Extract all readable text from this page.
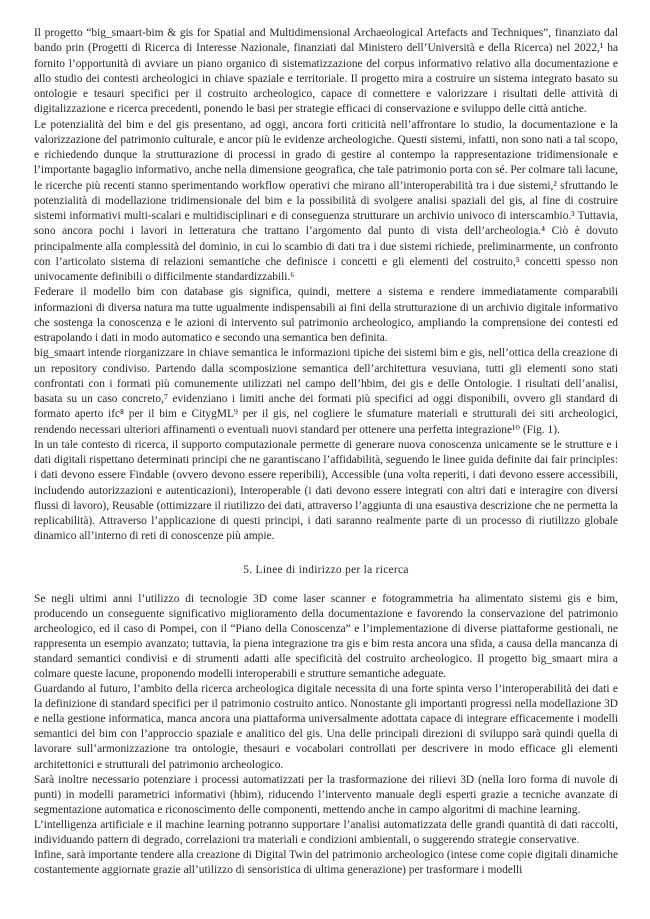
Il progetto “big_smaart-bim & gis for Spatial and Multidimensional Archaeological Artefacts and Techniques”, finanziato dal bando prin (Progetti di Ricerca di Interesse Nazionale, finanziati dal Ministero dell’Università e della Ricerca) nel 2022,¹ ha fornito l’opportunità di avviare un piano organico di sistematizzazione del corpus informativo relativo alla documentazione e allo studio dei contesti archeologici in chiave spaziale e territoriale. Il progetto mira a costruire un sistema integrato basato su ontologie e tesauri specifici per il costruito archeologico, capace di connettere e valorizzare i risultati delle attività di digitalizzazione e ricerca precedenti, ponendo le basi per strategie efficaci di conservazione e sviluppo delle città antiche.

Le potenzialità del bim e del gis presentano, ad oggi, ancora forti criticità nell’affrontare lo studio, la documentazione e la valorizzazione del patrimonio culturale, e ancor più le evidenze archeologiche. Questi sistemi, infatti, non sono nati a tal scopo, e richiedendo dunque la strutturazione di processi in grado di gestire al contempo la rappresentazione tridimensionale e l’importante bagaglio informativo, anche nella dimensione geografica, che tale patrimonio porta con sé. Per colmare tali lacune, le ricerche più recenti stanno sperimentando workflow operativi che mirano all’interoperabilità tra i due sistemi,² sfruttando le potenzialità di modellazione tridimensionale del bim e la possibilità di svolgere analisi spaziali del gis, al fine di costruire sistemi informativi multi-scalari e multidisciplinari e di conseguenza strutturare un archivio univoco di interscambio.³ Tuttavia, sono ancora pochi i lavori in letteratura che trattano l’argomento dal punto di vista dell’archeologia.⁴ Ciò è dovuto principalmente alla complessità del dominio, in cui lo scambio di dati tra i due sistemi richiede, preliminarmente, un confronto con l’articolato sistema di relazioni semantiche che definisce i concetti e gli elementi del costruito,⁵ concetti spesso non univocamente definibili o difficilmente standardizzabili.⁶

Federare il modello bim con database gis significa, quindi, mettere a sistema e rendere immediatamente comparabili informazioni di diversa natura ma tutte ugualmente indispensabili ai fini della strutturazione di un archivio digitale informativo che sostenga la conoscenza e le azioni di intervento sul patrimonio archeologico, ampliando la comprensione dei contesti ed estrapolando i dati in modo automatico e secondo una semantica ben definita.

big_smaart intende riorganizzare in chiave semantica le informazioni tipiche dei sistemi bim e gis, nell’ottica della creazione di un repository condiviso. Partendo dalla scomposizione semantica dell’architettura vesuviana, tutti gli elementi sono stati confrontati con i formati più comunemente utilizzati nel campo dell’hbim, dei gis e delle Ontologie. I risultati dell’analisi, basata su un caso concreto,⁷ evidenziano i limiti anche dei formati più specifici ad oggi disponibili, ovvero gli standard di formato aperto ifc⁸ per il bim e CitygML⁹ per il gis, nel cogliere le sfumature materiali e strutturali dei siti archeologici, rendendo necessari ulteriori affinamenti o eventuali nuovi standard per ottenere una perfetta integrazione¹⁰ (Fig. 1).

In un tale contesto di ricerca, il supporto computazionale permette di generare nuova conoscenza unicamente se le strutture e i dati digitali rispettano determinati principi che ne garantiscano l’affidabilità, seguendo le linee guida definite dai fair principles: i dati devono essere Findable (ovvero devono essere reperibili), Accessible (una volta reperiti, i dati devono essere accessibili, includendo autorizzazioni e autenticazioni), Interoperable (i dati devono essere integrati con altri dati e interagire con diversi flussi di lavoro), Reusable (ottimizzare il riutilizzo dei dati, attraverso l’aggiunta di una esaustiva descrizione che ne permetta la replicabilità). Attraverso l’applicazione di questi principi, i dati saranno realmente parte di un processo di riutilizzo globale dinamico all’interno di reti di conoscenze più ampie.

5. Linee di indirizzo per la ricerca

Se negli ultimi anni l’utilizzo di tecnologie 3D come laser scanner e fotogrammetria ha alimentato sistemi gis e bim, producendo un conseguente significativo miglioramento della documentazione e favorendo la conservazione del patrimonio archeologico, ed il caso di Pompei, con il “Piano della Conoscenza” e l’implementazione di diverse piattaforme gestionali, ne rappresenta un esempio avanzato; tuttavia, la piena integrazione tra gis e bim resta ancora una sfida, a causa della mancanza di standard semantici condivisi e di strumenti adatti alle specificità del costruito archeologico. Il progetto big_smaart mira a colmare queste lacune, proponendo modelli interoperabili e strutture semantiche adeguate.

Guardando al futuro, l’ambito della ricerca archeologica digitale necessita di una forte spinta verso l’interoperabilità dei dati e la definizione di standard specifici per il patrimonio costruito antico. Nonostante gli importanti progressi nella modellazione 3D e nella gestione informatica, manca ancora una piattaforma universalmente adottata capace di integrare efficacemente i modelli semantici del bim con l’approccio spaziale e analitico del gis. Una delle principali direzioni di sviluppo sarà quindi quella di lavorare sull’armonizzazione tra ontologie, thesauri e vocabolari controllati per descrivere in modo efficace gli elementi architettonici e strutturali del patrimonio archeologico.

Sarà inoltre necessario potenziare i processi automatizzati per la trasformazione dei rilievi 3D (nella loro forma di nuvole di punti) in modelli parametrici informativi (hbim), riducendo l’intervento manuale degli esperti grazie a tecniche avanzate di segmentazione automatica e riconoscimento delle componenti, mettendo anche in campo algoritmi di machine learning.

L’intelligenza artificiale e il machine learning potranno supportare l’analisi automatizzata delle grandi quantità di dati raccolti, individuando pattern di degrado, correlazioni tra materiali e condizioni ambientali, o suggerendo strategie conservative.

Infine, sarà importante tendere alla creazione di Digital Twin del patrimonio archeologico (intese come copie digitali dinamiche costantemente aggiornate grazie all’utilizzo di sensoristica di ultima generazione) per trasformare i modelli
